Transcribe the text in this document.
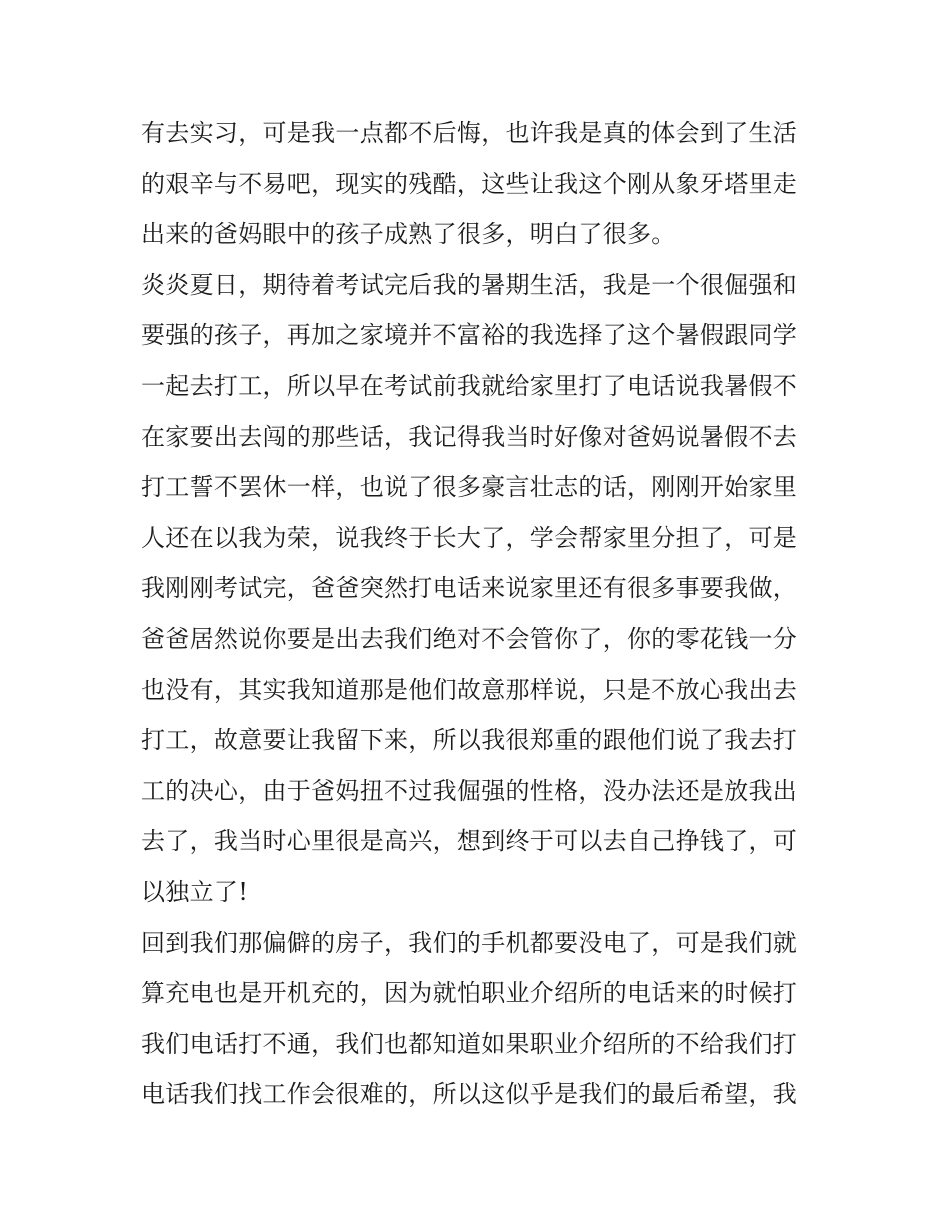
有去实习，可是我一点都不后悔，也许我是真的体会到了生活
的艰辛与不易吧，现实的残酷，这些让我这个刚从象牙塔里走
出来的爸妈眼中的孩子成熟了很多，明白了很多。
炎炎夏日，期待着考试完后我的暑期生活，我是一个很倔强和
要强的孩子，再加之家境并不富裕的我选择了这个暑假跟同学
一起去打工，所以早在考试前我就给家里打了电话说我暑假不
在家要出去闯的那些话，我记得我当时好像对爸妈说暑假不去
打工誓不罢休一样，也说了很多豪言壮志的话，刚刚开始家里
人还在以我为荣，说我终于长大了，学会帮家里分担了，可是
我刚刚考试完，爸爸突然打电话来说家里还有很多事要我做，
爸爸居然说你要是出去我们绝对不会管你了，你的零花钱一分
也没有，其实我知道那是他们故意那样说，只是不放心我出去
打工，故意要让我留下来，所以我很郑重的跟他们说了我去打
工的决心，由于爸妈扭不过我倔强的性格，没办法还是放我出
去了，我当时心里很是高兴，想到终于可以去自己挣钱了，可
以独立了!
回到我们那偏僻的房子，我们的手机都要没电了，可是我们就
算充电也是开机充的，因为就怕职业介绍所的电话来的时候打
我们电话打不通，我们也都知道如果职业介绍所的不给我们打
电话我们找工作会很难的，所以这似乎是我们的最后希望，我
